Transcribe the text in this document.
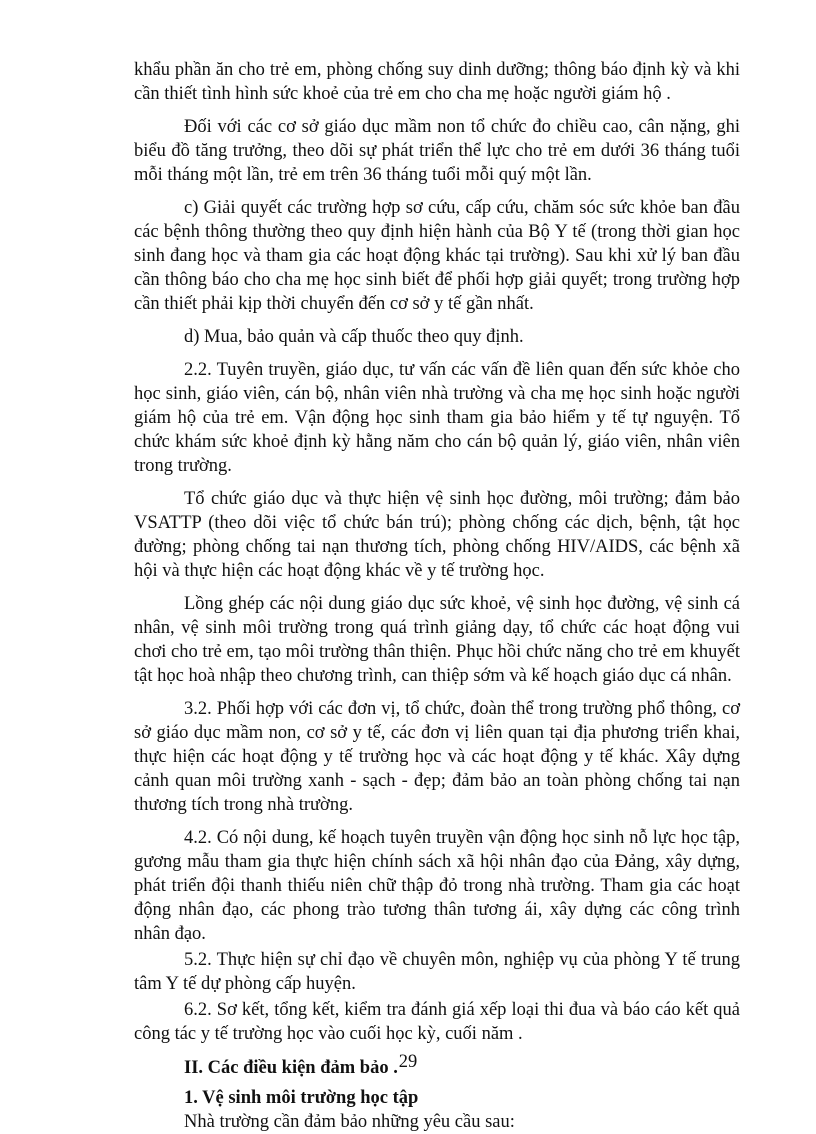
khẩu phần ăn cho trẻ em, phòng chống suy dinh dưỡng; thông báo định kỳ và khi cần thiết tình hình sức khoẻ của trẻ em cho cha mẹ hoặc người giám hộ .

Đối với các cơ sở giáo dục mầm non tổ chức đo chiều cao, cân nặng, ghi biểu đồ tăng trưởng, theo dõi sự phát triển thể lực cho trẻ em dưới 36 tháng tuổi mỗi tháng một lần, trẻ em trên 36 tháng tuổi mỗi quý một lần.

c) Giải quyết các trường hợp sơ cứu, cấp cứu, chăm sóc sức khỏe ban đầu các bệnh thông thường theo quy định hiện hành của Bộ Y tế (trong thời gian học sinh đang học và tham gia các hoạt động khác tại trường). Sau khi xử lý ban đầu cần thông báo cho cha mẹ học sinh biết để phối hợp giải quyết; trong trường hợp cần thiết phải kịp thời chuyển đến cơ sở y tế gần nhất.

d) Mua, bảo quản và cấp thuốc theo quy định.

2.2. Tuyên truyền, giáo dục, tư vấn các vấn đề liên quan đến sức khỏe cho học sinh, giáo viên, cán bộ, nhân viên nhà trường và cha mẹ học sinh hoặc người giám hộ của trẻ em. Vận động học sinh tham gia bảo hiểm y tế tự nguyện. Tổ chức khám sức khoẻ định kỳ hằng năm cho cán bộ quản lý, giáo viên, nhân viên trong trường.

Tổ chức giáo dục và thực hiện vệ sinh học đường, môi trường; đảm bảo VSATTP (theo dõi việc tổ chức bán trú); phòng chống các dịch, bệnh, tật học đường; phòng chống tai nạn thương tích, phòng chống HIV/AIDS, các bệnh xã hội và thực hiện các hoạt động khác về y tế trường học.

Lồng ghép các nội dung giáo dục sức khoẻ, vệ sinh học đường, vệ sinh cá nhân, vệ sinh môi trường trong quá trình giảng dạy, tổ chức các hoạt động vui chơi cho trẻ em, tạo môi trường thân thiện. Phục hồi chức năng cho trẻ em khuyết tật học hoà nhập theo chương trình, can thiệp sớm và kế hoạch giáo dục cá nhân.

3.2. Phối hợp với các đơn vị, tổ chức, đoàn thể trong trường phổ thông, cơ sở giáo dục mầm non, cơ sở y tế, các đơn vị liên quan tại địa phương triển khai, thực hiện các hoạt động y tế trường học và các hoạt động y tế khác. Xây dựng cảnh quan môi trường xanh - sạch - đẹp; đảm bảo an toàn phòng chống tai nạn thương tích trong nhà trường.

4.2. Có nội dung, kế hoạch tuyên truyền vận động học sinh nỗ lực học tập, gương mẫu tham gia thực hiện chính sách xã hội nhân đạo của Đảng, xây dựng, phát triển đội thanh thiếu niên chữ thập đỏ trong nhà trường. Tham gia các hoạt động nhân đạo, các phong trào tương thân tương ái, xây dựng các công trình nhân đạo.

5.2. Thực hiện sự chỉ đạo về chuyên môn, nghiệp vụ của phòng Y tế trung tâm Y tế dự phòng cấp huyện.

6.2. Sơ kết, tổng kết, kiểm tra đánh giá xếp loại thi đua và báo cáo kết quả công tác y tế trường học vào cuối học kỳ, cuối năm .

II. Các điều kiện đảm bảo .

1. Vệ sinh môi trường học tập

Nhà trường cần đảm bảo những yêu cầu sau:

29
